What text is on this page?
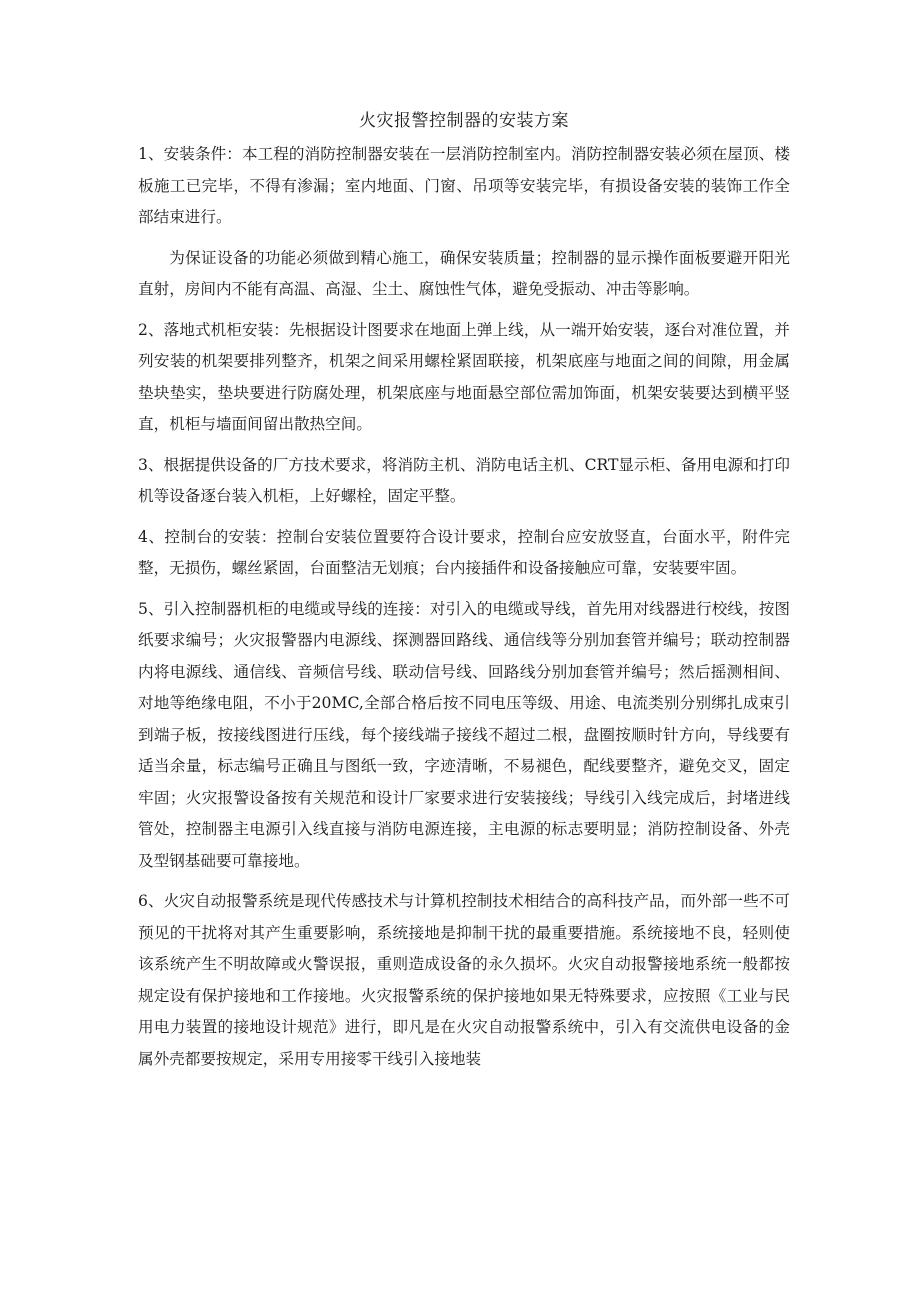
火灾报警控制器的安装方案

1、安装条件：本工程的消防控制器安装在一层消防控制室内。消防控制器安装必须在屋顶、楼板施工已完毕，不得有渗漏；室内地面、门窗、吊项等安装完毕，有损设备安装的装饰工作全部结束进行。

为保证设备的功能必须做到精心施工，确保安装质量；控制器的显示操作面板要避开阳光直射，房间内不能有高温、高湿、尘土、腐蚀性气体，避免受振动、冲击等影响。

2、落地式机柜安装：先根据设计图要求在地面上弹上线，从一端开始安装，逐台对准位置，并列安装的机架要排列整齐，机架之间采用螺栓紧固联接，机架底座与地面之间的间隙，用金属垫块垫实，垫块要进行防腐处理，机架底座与地面悬空部位需加饰面，机架安装要达到横平竖直，机柜与墙面间留出散热空间。

3、根据提供设备的厂方技术要求，将消防主机、消防电话主机、CRT显示柜、备用电源和打印机等设备逐台装入机柜，上好螺栓，固定平整。

4、控制台的安装：控制台安装位置要符合设计要求，控制台应安放竖直，台面水平，附件完整，无损伤，螺丝紧固，台面整洁无划痕；台内接插件和设备接触应可靠，安装要牢固。

5、引入控制器机柜的电缆或导线的连接：对引入的电缆或导线，首先用对线器进行校线，按图纸要求编号；火灾报警器内电源线、探测器回路线、通信线等分别加套管并编号；联动控制器内将电源线、通信线、音频信号线、联动信号线、回路线分别加套管并编号；然后摇测相间、对地等绝缘电阻，不小于20MC,全部合格后按不同电压等级、用途、电流类别分别绑扎成束引到端子板，按接线图进行压线，每个接线端子接线不超过二根，盘圈按顺时针方向，导线要有适当余量，标志编号正确且与图纸一致，字迹清晰，不易褪色，配线要整齐，避免交叉，固定牢固；火灾报警设备按有关规范和设计厂家要求进行安装接线；导线引入线完成后，封堵进线管处，控制器主电源引入线直接与消防电源连接，主电源的标志要明显；消防控制设备、外壳及型钢基础要可靠接地。

6、火灾自动报警系统是现代传感技术与计算机控制技术相结合的高科技产品，而外部一些不可预见的干扰将对其产生重要影响，系统接地是抑制干扰的最重要措施。系统接地不良，轻则使该系统产生不明故障或火警误报，重则造成设备的永久损坏。火灾自动报警接地系统一般都按规定设有保护接地和工作接地。火灾报警系统的保护接地如果无特殊要求，应按照《工业与民用电力装置的接地设计规范》进行，即凡是在火灾自动报警系统中，引入有交流供电设备的金属外壳都要按规定，采用专用接零干线引入接地装
